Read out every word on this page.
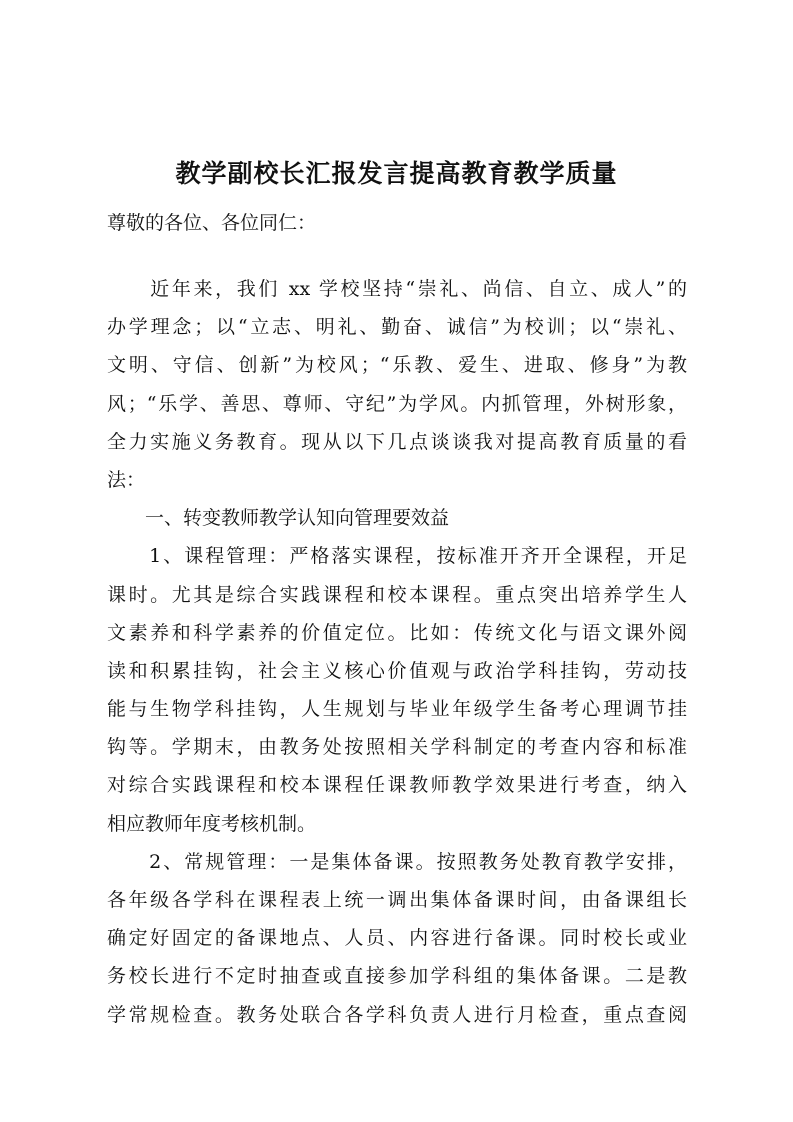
教学副校长汇报发言提高教育教学质量
尊敬的各位、各位同仁：
　　近年来，我们 xx 学校坚持“崇礼、尚信、自立、成人”的
办学理念；以“立志、明礼、勤奋、诚信”为校训；以“崇礼、
文明、守信、创新”为校风；“乐教、爱生、进取、修身”为教
风；“乐学、善思、尊师、守纪”为学风。内抓管理，外树形象，
全力实施义务教育。现从以下几点谈谈我对提高教育质量的看
法：
　　一、转变教师教学认知向管理要效益
　　1、课程管理：严格落实课程，按标准开齐开全课程，开足
课时。尤其是综合实践课程和校本课程。重点突出培养学生人
文素养和科学素养的价值定位。比如：传统文化与语文课外阅
读和积累挂钩，社会主义核心价值观与政治学科挂钩，劳动技
能与生物学科挂钩，人生规划与毕业年级学生备考心理调节挂
钩等。学期末，由教务处按照相关学科制定的考查内容和标准
对综合实践课程和校本课程任课教师教学效果进行考查，纳入
相应教师年度考核机制。
　　2、常规管理：一是集体备课。按照教务处教育教学安排，
各年级各学科在课程表上统一调出集体备课时间，由备课组长
确定好固定的备课地点、人员、内容进行备课。同时校长或业
务校长进行不定时抽查或直接参加学科组的集体备课。二是教
学常规检查。教务处联合各学科负责人进行月检查，重点查阅
